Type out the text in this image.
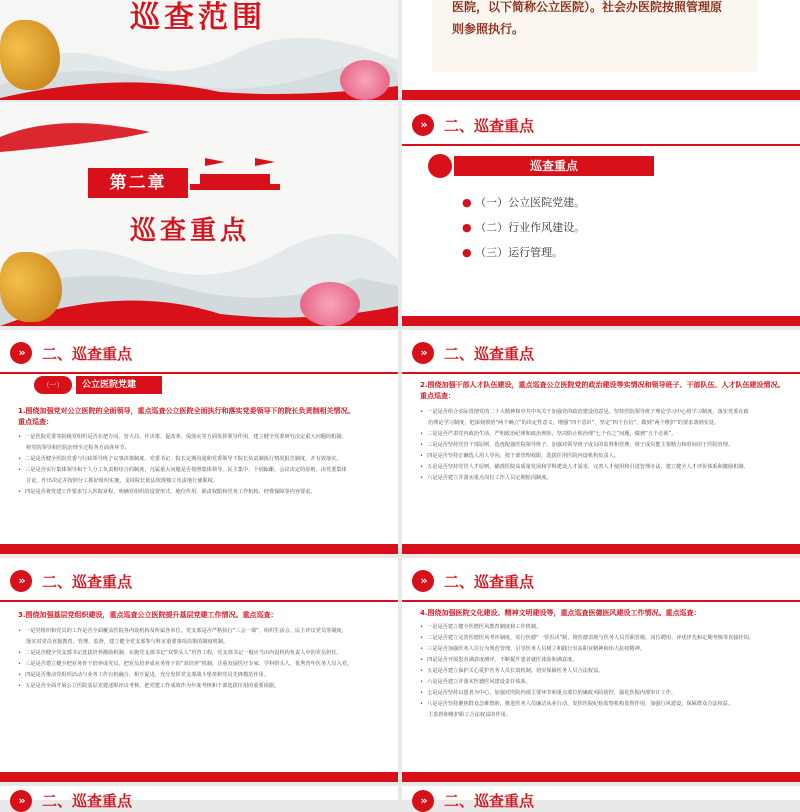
巡查范围	医院，以下简称公立医院）。社会办医院按照管理原
则参照执行。
第二章
巡查重点
»	二、巡查重点
巡查重点
● （一）公立医院党建。
● （二）行业作风建设。
● （三）运行管理。
»	二、巡查重点
（一）	公立医院党建
1.围绕加强党对公立医院的全面领导，重点巡查公立医院全面执行和落实党委领导下的院长负责制相关情况。
重点巡查：
• 一是医院党委等院级党组织是否在把方向、管大局、作决策、促改革、保落实等方面发挥领导作用，建立健全党委研究决定重大问题的机制，
将党的领导和医院治理全过程各方面各环节。
• 二是是否健全医院党委与行政领导班子议事决策制度，党委书记、院长定期沟通和党委领导下院长负责制执行情况报告制度，并有效落实。
• 三是是否实行集体领导和个人分工负责相结合的制度，凡属重大问题是否按照集体领导、民主集中、个别酝酿、会议决定的原则，由党委集体
讨论，作出决定并按照分工抓好组织实施，支持院长依法依规独立负责地行使职权。
• 四是是否将党建工作要求写入医院章程，明确党组织的设置形式、地位作用、职责权限和党务工作机构、经费保障等内容要求。
»	二、巡查重点
2.围绕加强干部人才队伍建设，重点巡查公立医院党的政治建设等实情况和领导班子、干部队伍、人才队伍建设情况。重点巡查：
• 一是是否组合实际贯彻党的二十大精神和中共中央关于加强党的政治建设的意见，坚持医院领导班子理论学习中心组学习制度，落实党委在政
治理论学习制度，把深刻领悟“两个确立”的决定性意义，增强“四个意识”、坚定“四个自信”，做到“两个维护”的要求落到实处。
• 二是是否严肃党内政治生活，严明政治纪律和政治规矩，坚决防止和治理“七个有之”问题，做到“五个必须”。
• 三是是否坚持党管干部原则，选优配强医院领导班子，加强对领导班子成员的监督和管理，班子成员能主要精力和时间用于医院管理。
• 四是是否坚持正确选人用人导向，按干部管理权限，选拔任用医院内设机构负责人。
• 五是是否坚持党管人才原则，瞄准医院高质量发展和学科建设人才需求，完善人才使用和引进管理办法，建立健全人才评价体系和激励机制。
• 六是是否建立并落实重点岗位工作人员定期轮岗制度。
»	二、巡查重点
3.围绕加强基层党组织建设，重点巡查公立医院提升基层党建工作情况。重点巡查：
• 一是党组织和党员的工作是否全面覆盖医院各内设机构及所属各单位，党支部是否严格执行“三会一课”、组织生活会、民主评议党员等制度，
落实对党员直接教育、管理、监督，建立健全党支部参与科室重要事项决策的制度机制。
• 二是是否健全党支部书记选拔培养激励机制，实施党支部书记“双带头人”培育工程，党支部书记一般应当由内设机构负责人中的党员担任。
• 三是是否建立健全把业务骨干培养成党员、把党员培养成业务骨干的“双培养”机制，注重发展医疗专家、学科带头人、优秀青年医务人员入党。
• 四是是否推动党组织活动与业务工作有机融合、相互促进，充分发挥党支部战斗堡垒和党员先锋模范作用。
• 五是是否全面开展公立医院基层党建述职评议考核，把党建工作成效作为年度考核和干部选拔任用的重要依据。
»	二、巡查重点
4.围绕加强医院文化建设、精神文明建设等，重点巡查医德医风建设工作情况。重点巡查：
• 一是是否建立健全医德医风教育制度和工作机制。
• 二是是否建立完善医德医风考评制度，实行医德“一票否决”制，将医德表现与医务人员晋职晋级、岗位聘用、评优评先和定期考核等直接挂钩。
• 三是是否加强医务人员行为规范管理，引导医务人员树立和践行崇高职业精神和伟大抗疫精神。
• 四是是否开展患者满意度测评、不断提升患者就医体验和满意度。
• 五是是否建立保护关心爱护医务人员长效机制，切实保障医务人员合法权益。
• 六是是否建立并落实医德医风建设责任体系。
• 七是是否坚持以患者为中心，加强对医院内部主要环节和重点部位的廉政风险防控，强化医院内部审计工作。
• 八是是否坚持聚焦群众急难愁盼，推进医务人员廉洁从业行动，发挥医院纪检监察机构监督作用，加强行风建设，保障群众合法权益。
主监督和维护职工合法权益的作用。
»	二、巡查重点	»	二、巡查重点
